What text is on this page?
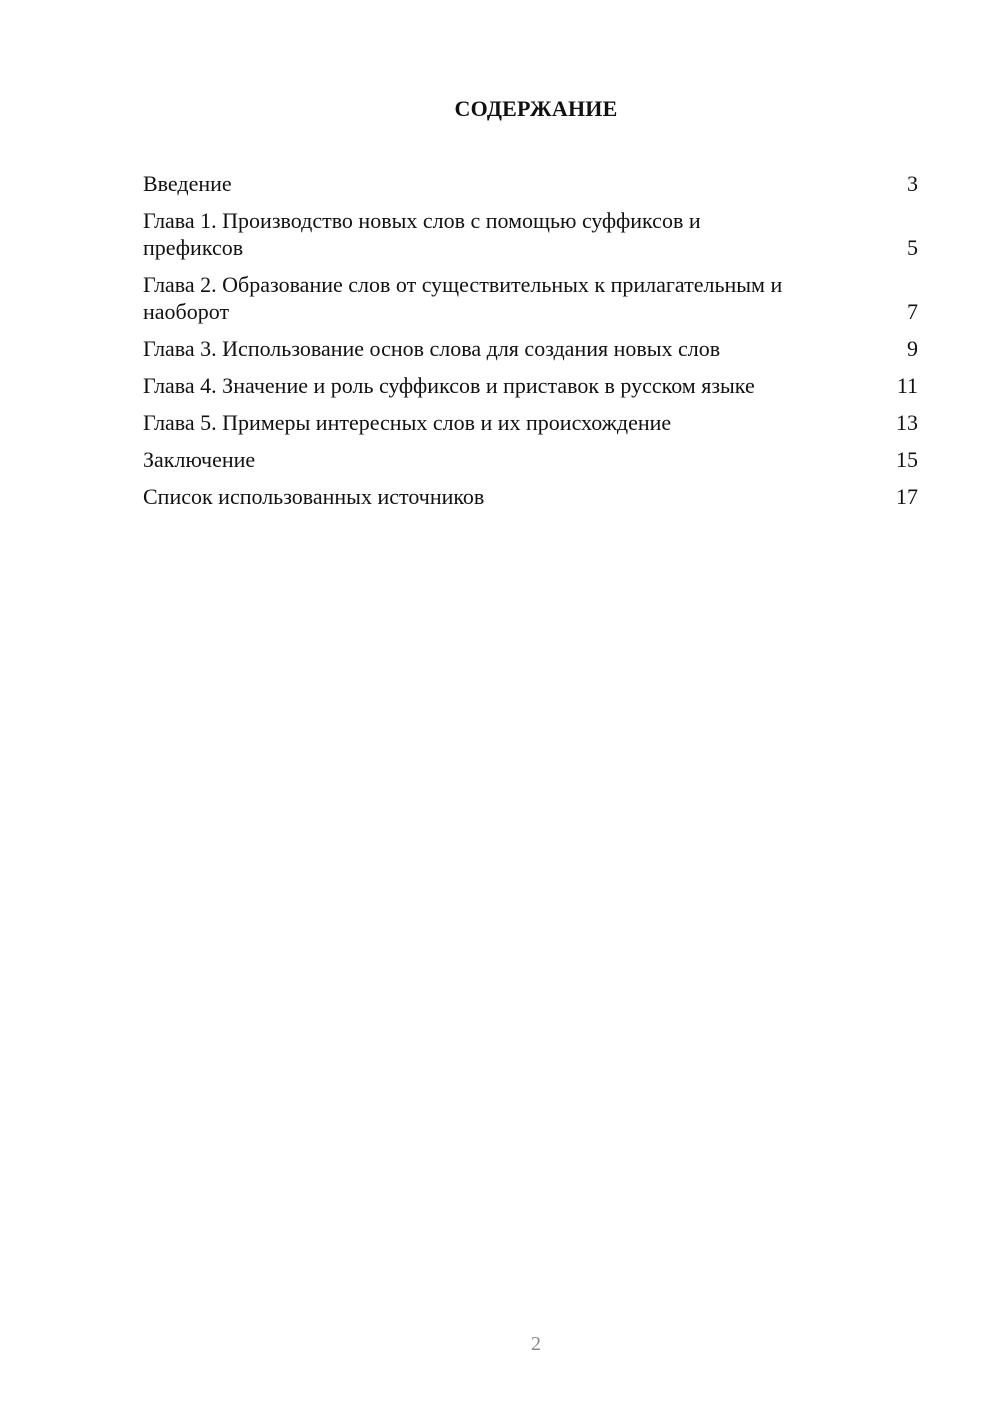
СОДЕРЖАНИЕ
Введение	3
Глава 1. Производство новых слов с помощью суффиксов и префиксов	5
Глава 2. Образование слов от существительных к прилагательным и наоборот	7
Глава 3. Использование основ слова для создания новых слов	9
Глава 4. Значение и роль суффиксов и приставок в русском языке	11
Глава 5. Примеры интересных слов и их происхождение	13
Заключение	15
Список использованных источников	17
2
